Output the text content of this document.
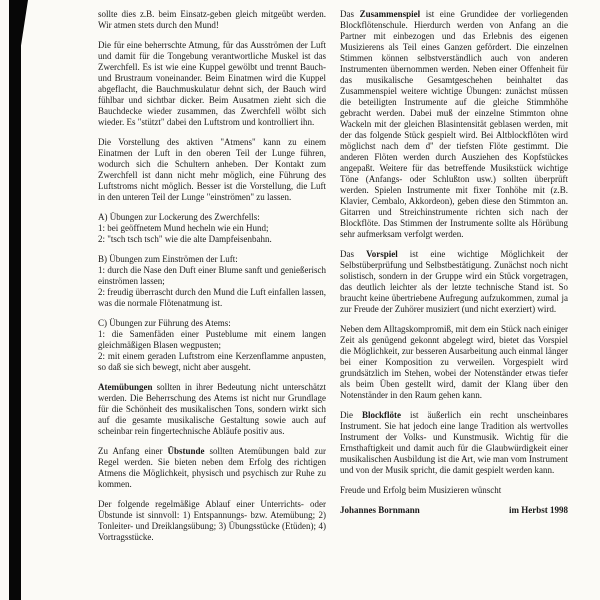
sollte dies z.B. beim Einsatz-geben gleich mitgeübt werden. Wir atmen stets durch den Mund!

Die für eine beherrschte Atmung, für das Ausströmen der Luft und damit für die Tongebung verantwortliche Muskel ist das Zwerchfell. Es ist wie eine Kuppel gewölbt und trennt Bauch- und Brustraum voneinander. Beim Einatmen wird die Kuppel abgeflacht, die Bauchmuskulatur dehnt sich, der Bauch wird fühlbar und sichtbar dicker. Beim Ausatmen zieht sich die Bauchdecke wieder zusammen, das Zwerchfell wölbt sich wieder. Es "stützt" dabei den Luftstrom und kontrolliert ihn.

Die Vorstellung des aktiven "Atmens" kann zu einem Einatmen der Luft in den oberen Teil der Lunge führen, wodurch sich die Schultern anheben. Der Kontakt zum Zwerchfell ist dann nicht mehr möglich, eine Führung des Luftstroms nicht möglich. Besser ist die Vorstellung, die Luft in den unteren Teil der Lunge "einströmen" zu lassen.

A) Übungen zur Lockerung des Zwerchfells:
1: bei geöffnetem Mund hecheln wie ein Hund;
2: "tsch tsch tsch" wie die alte Dampfeisenbahn.
B) Übungen zum Einströmen der Luft:
1: durch die Nase den Duft einer Blume sanft und genießerisch einströmen lassen;
2: freudig überrascht durch den Mund die Luft einfallen lassen, was die normale Flötenatmung ist.
C) Übungen zur Führung des Atems:
1: die Samenfäden einer Pusteblume mit einem langen gleichmäßigen Blasen wegpusten;
2: mit einem geraden Luftstrom eine Kerzenflamme anpusten, so daß sie sich bewegt, nicht aber ausgeht.

Atemübungen sollten in ihrer Bedeutung nicht unterschätzt werden. Die Beherrschung des Atems ist nicht nur Grundlage für die Schönheit des musikalischen Tons, sondern wirkt sich auf die gesamte musikalische Gestaltung sowie auch auf scheinbar rein fingertechnische Abläufe positiv aus.

Zu Anfang einer Übstunde sollten Atemübungen bald zur Regel werden. Sie bieten neben dem Erfolg des richtigen Atmens die Möglichkeit, physisch und psychisch zur Ruhe zu kommen.

Der folgende regelmäßige Ablauf einer Unterrichts- oder Übstunde ist sinnvoll: 1) Entspannungs- bzw. Atemübung; 2) Tonleiter- und Dreiklangsübung; 3) Übungsstücke (Etüden); 4) Vortragsstücke.

Das Zusammenspiel ist eine Grundidee der vorliegenden Blockflötenschule. Hierdurch werden von Anfang an die Partner mit einbezogen und das Erlebnis des eigenen Musizierens als Teil eines Ganzen gefördert. Die einzelnen Stimmen können selbstverständlich auch von anderen Instrumenten übernommen werden. Neben einer Offenheit für das musikalische Gesamtgeschehen beinhaltet das Zusammenspiel weitere wichtige Übungen: zunächst müssen die beteiligten Instrumente auf die gleiche Stimmhöhe gebracht werden. Dabei muß der einzelne Stimmton ohne Wackeln mit der gleichen Blasintensität geblasen werden, mit der das folgende Stück gespielt wird. Bei Altblockflöten wird möglichst nach dem d'' der tiefsten Flöte gestimmt. Die anderen Flöten werden durch Ausziehen des Kopfstückes angepaßt. Weitere für das betreffende Musikstück wichtige Töne (Anfangs- oder Schlußton usw.) sollten überprüft werden. Spielen Instrumente mit fixer Tonhöhe mit (z.B. Klavier, Cembalo, Akkordeon), geben diese den Stimmton an. Gitarren und Streichinstrumente richten sich nach der Blockflöte. Das Stimmen der Instrumente sollte als Hörübung sehr aufmerksam verfolgt werden.

Das Vorspiel ist eine wichtige Möglichkeit der Selbstüberprüfung und Selbstbestätigung. Zunächst noch nicht solistisch, sondern in der Gruppe wird ein Stück vorgetragen, das deutlich leichter als der letzte technische Stand ist. So braucht keine übertriebene Aufregung aufzukommen, zumal ja zur Freude der Zuhörer musiziert (und nicht exerziert) wird.

Neben dem Alltagskompromiß, mit dem ein Stück nach einiger Zeit als genügend gekonnt abgelegt wird, bietet das Vorspiel die Möglichkeit, zur besseren Ausarbeitung auch einmal länger bei einer Komposition zu verweilen. Vorgespielt wird grundsätzlich im Stehen, wobei der Notenständer etwas tiefer als beim Üben gestellt wird, damit der Klang über den Notenständer in den Raum gehen kann.

Die Blockflöte ist äußerlich ein recht unscheinbares Instrument. Sie hat jedoch eine lange Tradition als wertvolles Instrument der Volks- und Kunstmusik. Wichtig für die Ernsthaftigkeit und damit auch für die Glaubwürdigkeit einer musikalischen Ausbildung ist die Art, wie man vom Instrument und von der Musik spricht, die damit gespielt werden kann.

Freude und Erfolg beim Musizieren wünscht

Johannes Bornmann	im Herbst 1998
